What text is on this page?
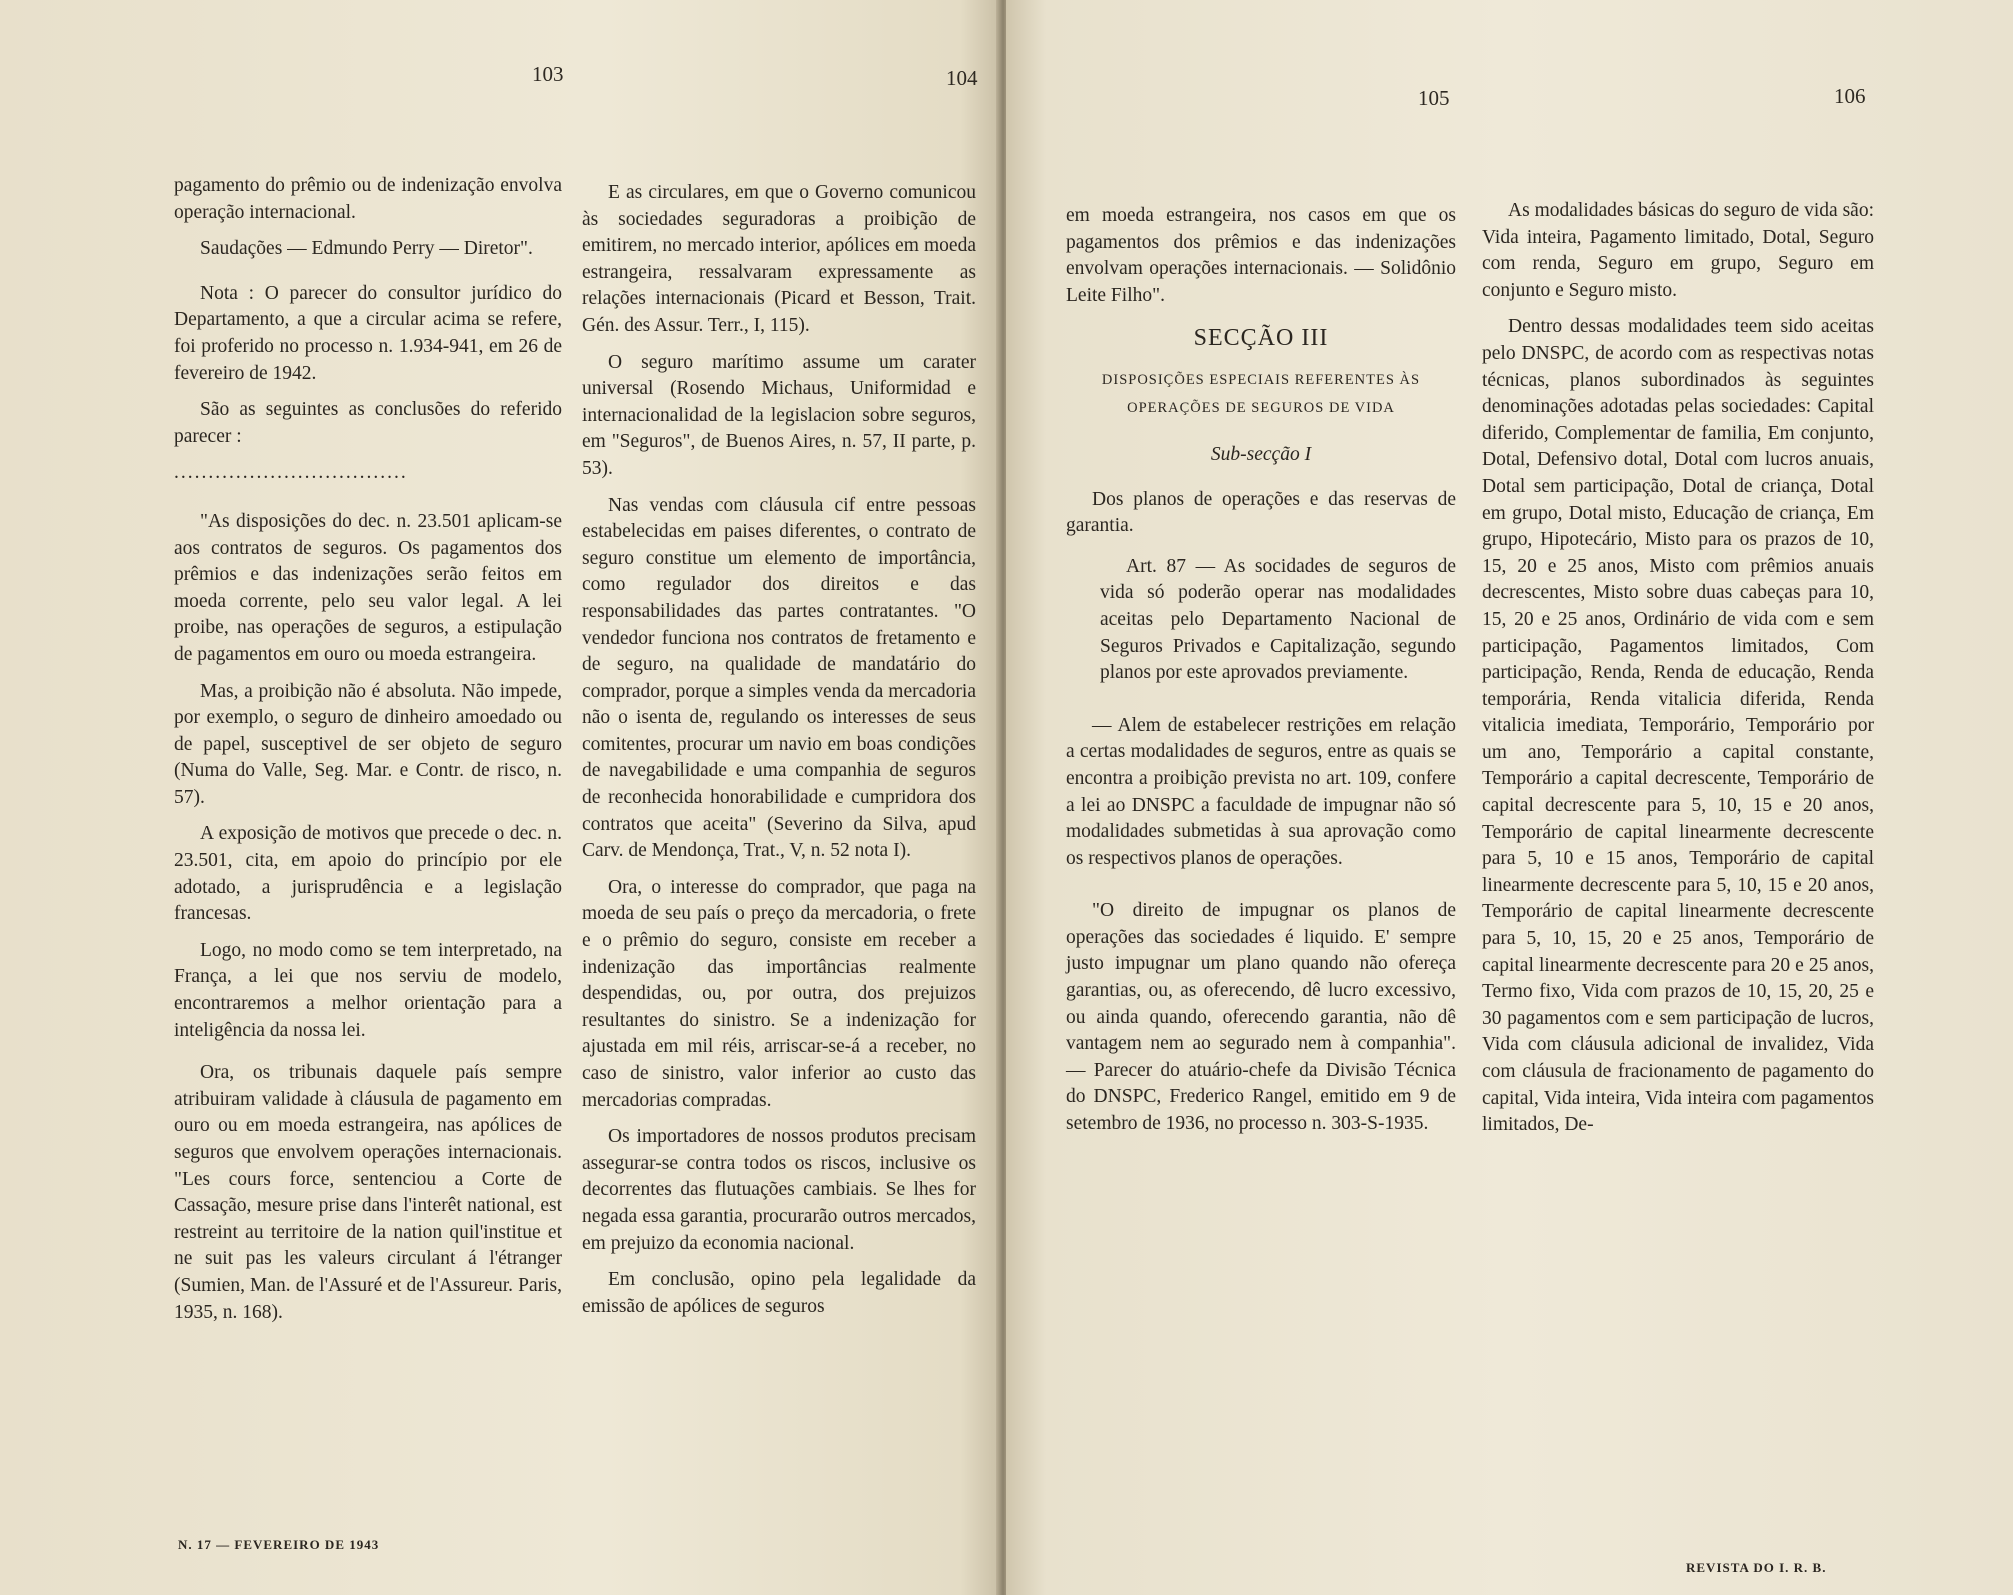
103	104

pagamento do prêmio ou de indenização envolva operação internacional.

Saudações — Edmundo Perry — Diretor".

Nota : O parecer do consultor jurídico do Departamento, a que a circular acima se refere, foi proferido no processo n. 1.934-941, em 26 de fevereiro de 1942.

São as seguintes as conclusões do referido parecer :

..................................

"As disposições do dec. n. 23.501 aplicam-se aos contratos de seguros. Os pagamentos dos prêmios e das indenizações serão feitos em moeda corrente, pelo seu valor legal. A lei proibe, nas operações de seguros, a estipulação de pagamentos em ouro ou moeda estrangeira.

Mas, a proibição não é absoluta. Não impede, por exemplo, o seguro de dinheiro amoedado ou de papel, susceptivel de ser objeto de seguro (Numa do Valle, Seg. Mar. e Contr. de risco, n. 57).

A exposição de motivos que precede o dec. n. 23.501, cita, em apoio do princípio por ele adotado, a jurisprudência e a legislação francesas.

Logo, no modo como se tem interpretado, na França, a lei que nos serviu de modelo, encontraremos a melhor orientação para a inteligência da nossa lei.

Ora, os tribunais daquele país sempre atribuiram validade à cláusula de pagamento em ouro ou em moeda estrangeira, nas apólices de seguros que envolvem operações internacionais. "Les cours force, sentenciou a Corte de Cassação, mesure prise dans l'interêt national, est restreint au territoire de la nation quil'institue et ne suit pas les valeurs circulant á l'étranger (Sumien, Man. de l'Assuré et de l'Assureur. Paris, 1935, n. 168).

E as circulares, em que o Governo comunicou às sociedades seguradoras a proibição de emitirem, no mercado interior, apólices em moeda estrangeira, ressalvaram expressamente as relações internacionais (Picard et Besson, Trait. Gén. des Assur. Terr., I, 115).

O seguro marítimo assume um carater universal (Rosendo Michaus, Uniformidad e internacionalidad de la legislacion sobre seguros, em "Seguros", de Buenos Aires, n. 57, II parte, p. 53).

Nas vendas com cláusula cif entre pessoas estabelecidas em paises diferentes, o contrato de seguro constitue um elemento de importância, como regulador dos direitos e das responsabilidades das partes contratantes. "O vendedor funciona nos contratos de fretamento e de seguro, na qualidade de mandatário do comprador, porque a simples venda da mercadoria não o isenta de, regulando os interesses de seus comitentes, procurar um navio em boas condições de navegabilidade e uma companhia de seguros de reconhecida honorabilidade e cumpridora dos contratos que aceita" (Severino da Silva, apud Carv. de Mendonça, Trat., V, n. 52 nota I).

Ora, o interesse do comprador, que paga na moeda de seu país o preço da mercadoria, o frete e o prêmio do seguro, consiste em receber a indenização das importâncias realmente despendidas, ou, por outra, dos prejuizos resultantes do sinistro. Se a indenização for ajustada em mil réis, arriscar-se-á a receber, no caso de sinistro, valor inferior ao custo das mercadorias compradas.

Os importadores de nossos produtos precisam assegurar-se contra todos os riscos, inclusive os decorrentes das flutuações cambiais. Se lhes for negada essa garantia, procurarão outros mercados, em prejuizo da economia nacional.

Em conclusão, opino pela legalidade da emissão de apólices de seguros

N. 17 — FEVEREIRO DE 1943
105	106

em moeda estrangeira, nos casos em que os pagamentos dos prêmios e das indenizações envolvam operações internacionais. — Solidônio Leite Filho".

SECÇÃO III
DISPOSIÇÕES ESPECIAIS REFERENTES ÀS
OPERAÇÕES DE SEGUROS DE VIDA
Sub-secção I

Dos planos de operações e das reservas de garantia.

Art. 87 — As socidades de seguros de vida só poderão operar nas modalidades aceitas pelo Departamento Nacional de Seguros Privados e Capitalização, segundo planos por este aprovados previamente.

— Alem de estabelecer restrições em relação a certas modalidades de seguros, entre as quais se encontra a proibição prevista no art. 109, confere a lei ao DNSPC a faculdade de impugnar não só modalidades submetidas à sua aprovação como os respectivos planos de operações.

"O direito de impugnar os planos de operações das sociedades é liquido. E' sempre justo impugnar um plano quando não ofereça garantias, ou, as oferecendo, dê lucro excessivo, ou ainda quando, oferecendo garantia, não dê vantagem nem ao segurado nem à companhia". — Parecer do atuário-chefe da Divisão Técnica do DNSPC, Frederico Rangel, emitido em 9 de setembro de 1936, no processo n. 303-S-1935.

As modalidades básicas do seguro de vida são: Vida inteira, Pagamento limitado, Dotal, Seguro com renda, Seguro em grupo, Seguro em conjunto e Seguro misto.

Dentro dessas modalidades teem sido aceitas pelo DNSPC, de acordo com as respectivas notas técnicas, planos subordinados às seguintes denominações adotadas pelas sociedades: Capital diferido, Complementar de familia, Em conjunto, Dotal, Defensivo dotal, Dotal com lucros anuais, Dotal sem participação, Dotal de criança, Dotal em grupo, Dotal misto, Educação de criança, Em grupo, Hipotecário, Misto para os prazos de 10, 15, 20 e 25 anos, Misto com prêmios anuais decrescentes, Misto sobre duas cabeças para 10, 15, 20 e 25 anos, Ordinário de vida com e sem participação, Pagamentos limitados, Com participação, Renda, Renda de educação, Renda temporária, Renda vitalicia diferida, Renda vitalicia imediata, Temporário, Temporário por um ano, Temporário a capital constante, Temporário a capital decrescente, Temporário de capital decrescente para 5, 10, 15 e 20 anos, Temporário de capital linearmente decrescente para 5, 10 e 15 anos, Temporário de capital linearmente decrescente para 5, 10, 15 e 20 anos, Temporário de capital linearmente decrescente para 5, 10, 15, 20 e 25 anos, Temporário de capital linearmente decrescente para 20 e 25 anos, Termo fixo, Vida com prazos de 10, 15, 20, 25 e 30 pagamentos com e sem participação de lucros, Vida com cláusula adicional de invalidez, Vida com cláusula de fracionamento de pagamento do capital, Vida inteira, Vida inteira com pagamentos limitados, De-

REVISTA DO I. R. B.
